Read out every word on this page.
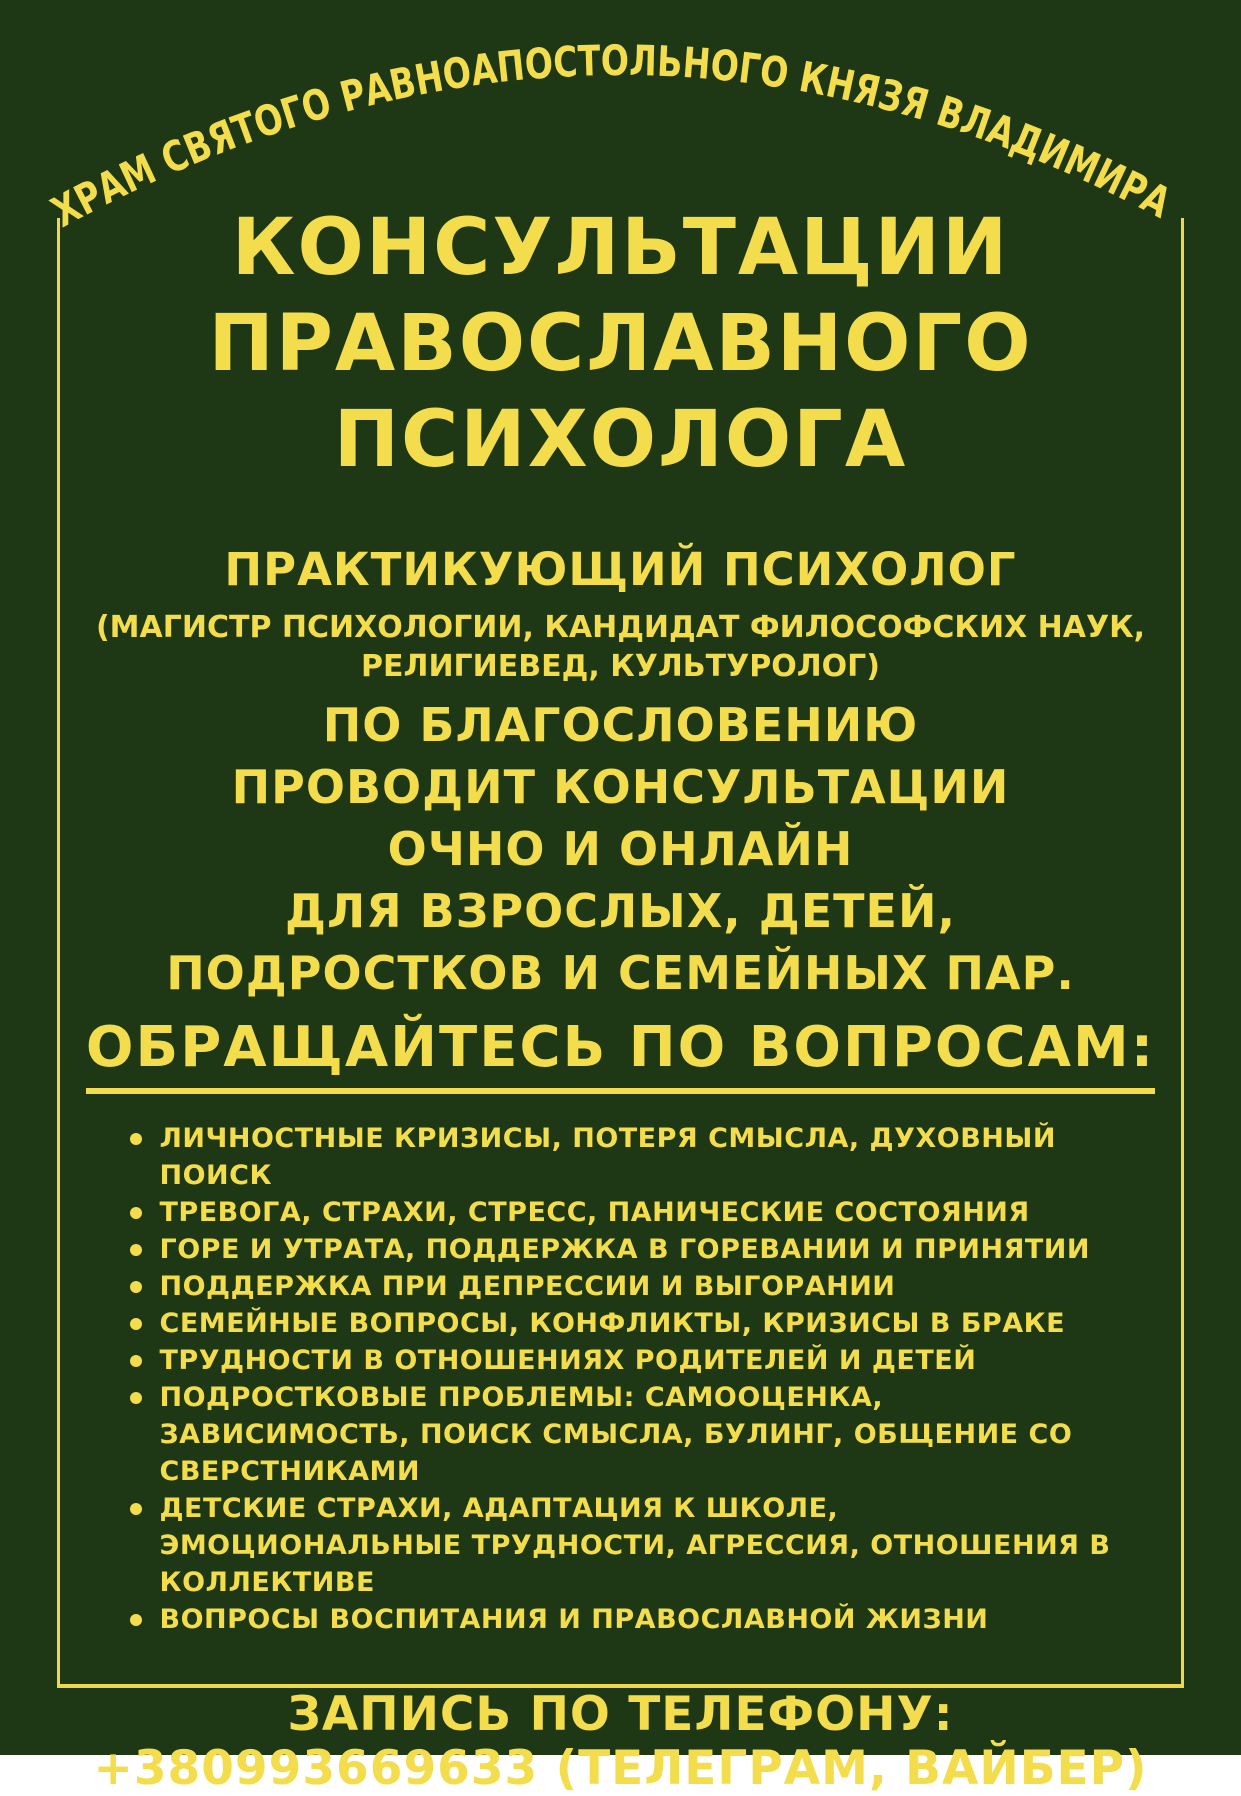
ХРАМ СВЯТОГО РАВНОАПОСТОЛЬНОГО КНЯЗЯ ВЛАДИМИРА
КОНСУЛЬТАЦИИ
ПРАВОСЛАВНОГО
ПСИХОЛОГА
ПРАКТИКУЮЩИЙ ПСИХОЛОГ
(МАГИСТР ПСИХОЛОГИИ, КАНДИДАТ ФИЛОСОФСКИХ НАУК,
РЕЛИГИЕВЕД, КУЛЬТУРОЛОГ)
ПО БЛАГОСЛОВЕНИЮ
ПРОВОДИТ КОНСУЛЬТАЦИИ
ОЧНО И ОНЛАЙН
ДЛЯ ВЗРОСЛЫХ, ДЕТЕЙ,
ПОДРОСТКОВ И СЕМЕЙНЫХ ПАР.
ОБРАЩАЙТЕСЬ ПО ВОПРОСАМ:
ЛИЧНОСТНЫЕ КРИЗИСЫ, ПОТЕРЯ СМЫСЛА, ДУХОВНЫЙ ПОИСК
ТРЕВОГА, СТРАХИ, СТРЕСС, ПАНИЧЕСКИЕ СОСТОЯНИЯ
ГОРЕ И УТРАТА, ПОДДЕРЖКА В ГОРЕВАНИИ И ПРИНЯТИИ
ПОДДЕРЖКА ПРИ ДЕПРЕССИИ И ВЫГОРАНИИ
СЕМЕЙНЫЕ ВОПРОСЫ, КОНФЛИКТЫ, КРИЗИСЫ В БРАКЕ
ТРУДНОСТИ В ОТНОШЕНИЯХ РОДИТЕЛЕЙ И ДЕТЕЙ
ПОДРОСТКОВЫЕ ПРОБЛЕМЫ: САМООЦЕНКА, ЗАВИСИМОСТЬ, ПОИСК СМЫСЛА, БУЛИНГ, ОБЩЕНИЕ СО СВЕРСТНИКАМИ
ДЕТСКИЕ СТРАХИ, АДАПТАЦИЯ К ШКОЛЕ, ЭМОЦИОНАЛЬНЫЕ ТРУДНОСТИ, АГРЕССИЯ, ОТНОШЕНИЯ В КОЛЛЕКТИВЕ
ВОПРОСЫ ВОСПИТАНИЯ И ПРАВОСЛАВНОЙ ЖИЗНИ
ЗАПИСЬ ПО ТЕЛЕФОНУ:
+380993669633 (ТЕЛЕГРАМ, ВАЙБЕР)
